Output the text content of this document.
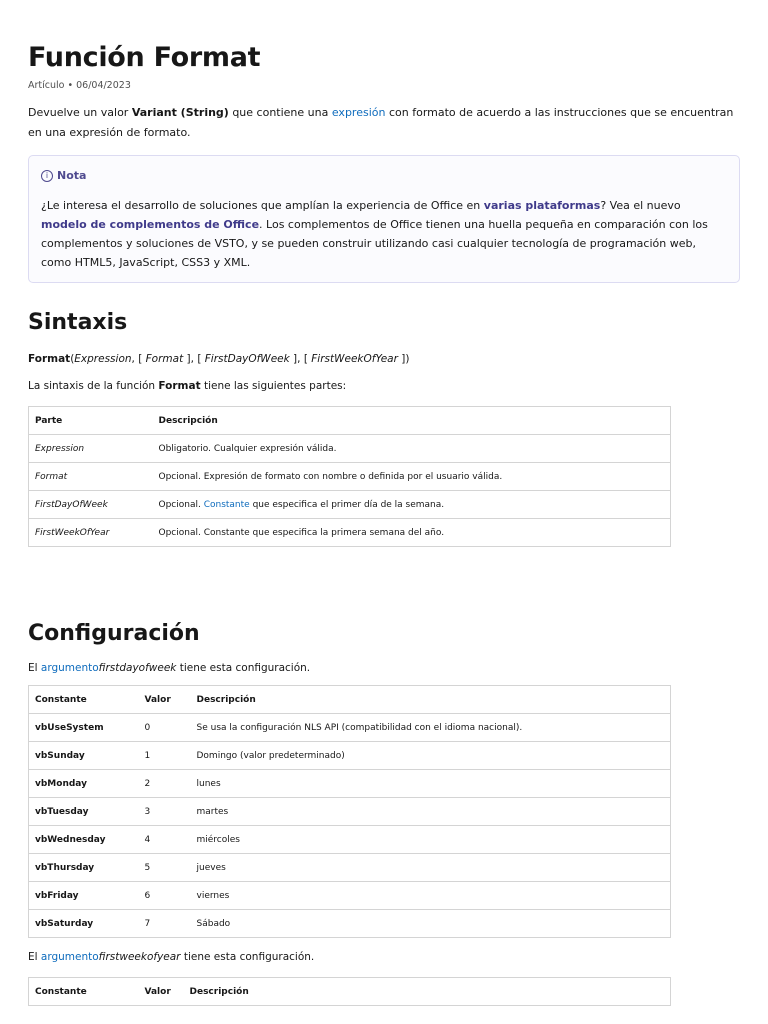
Función Format
Artículo • 06/04/2023

Devuelve un valor Variant (String) que contiene una expresión con formato de acuerdo a las instrucciones que se encuentran en una expresión de formato.

i Nota
¿Le interesa el desarrollo de soluciones que amplían la experiencia de Office en varias plataformas? Vea el nuevo modelo de complementos de Office. Los complementos de Office tienen una huella pequeña en comparación con los complementos y soluciones de VSTO, y se pueden construir utilizando casi cualquier tecnología de programación web, como HTML5, JavaScript, CSS3 y XML.
Sintaxis

Format(Expression, [ Format ], [ FirstDayOfWeek ], [ FirstWeekOfYear ])

La sintaxis de la función Format tiene las siguientes partes:

Parte	Descripción
Expression	Obligatorio. Cualquier expresión válida.
Format	Opcional. Expresión de formato con nombre o definida por el usuario válida.
FirstDayOfWeek	Opcional. Constante que especifica el primer día de la semana.
FirstWeekOfYear	Opcional. Constante que especifica la primera semana del año.
Configuración

El argumentofirstdayofweek tiene esta configuración.

Constante	Valor	Descripción
vbUseSystem	0	Se usa la configuración NLS API (compatibilidad con el idioma nacional).
vbSunday	1	Domingo (valor predeterminado)
vbMonday	2	lunes
vbTuesday	3	martes
vbWednesday	4	miércoles
vbThursday	5	jueves
vbFriday	6	viernes
vbSaturday	7	Sábado

El argumentofirstweekofyear tiene esta configuración.

Constante	Valor	Descripción
